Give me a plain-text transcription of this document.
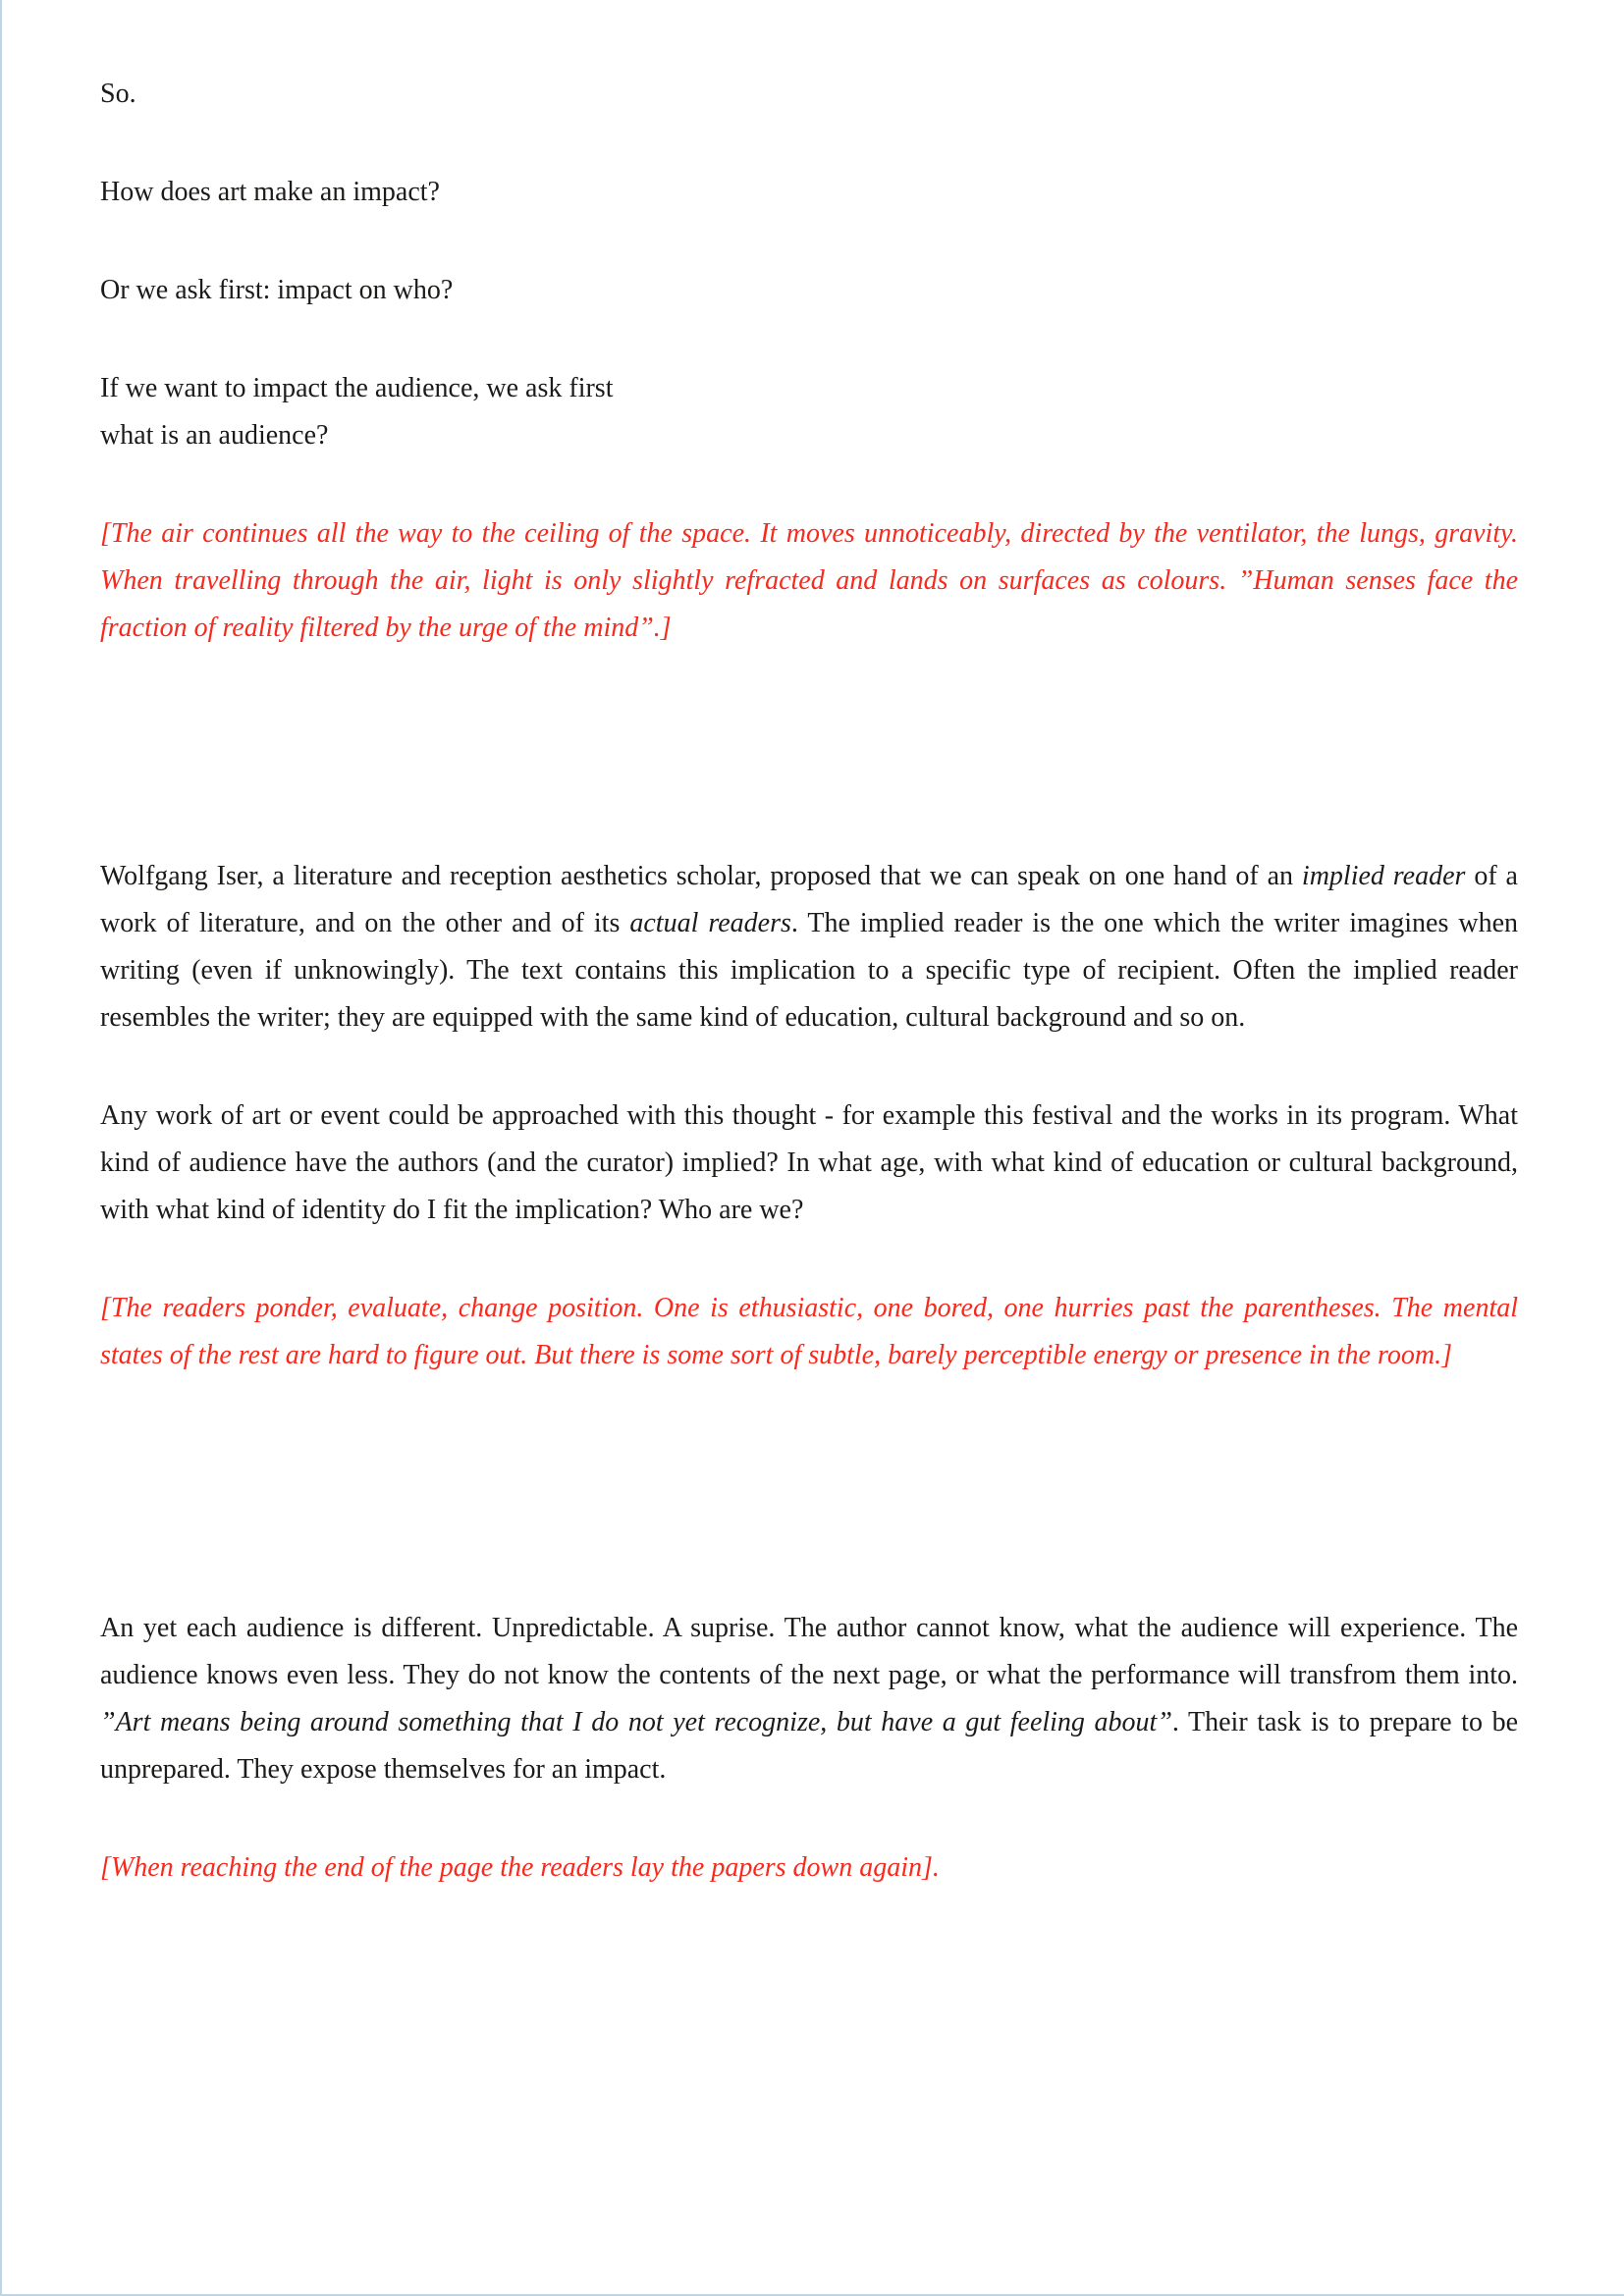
So.

How does art make an impact?

Or we ask first: impact on who?

If we want to impact the audience, we ask first
what is an audience?

[The air continues all the way to the ceiling of the space. It moves unnoticeably, directed by the ventilator, the lungs, gravity. When travelling through the air, light is only slightly refracted and lands on surfaces as colours. ”Human senses face the fraction of reality filtered by the urge of the mind”.]

Wolfgang Iser, a literature and reception aesthetics scholar, proposed that we can speak on one hand of an implied reader of a work of literature, and on the other and of its actual readers. The implied reader is the one which the writer imagines when writing (even if unknowingly). The text contains this implication to a specific type of recipient. Often the implied reader resembles the writer; they are equipped with the same kind of education, cultural background and so on.

Any work of art or event could be approached with this thought - for example this festival and the works in its program. What kind of audience have the authors (and the curator) implied? In what age, with what kind of education or cultural background, with what kind of identity do I fit the implication? Who are we?

[The readers ponder, evaluate, change position. One is ethusiastic, one bored, one hurries past the parentheses. The mental states of the rest are hard to figure out. But there is some sort of subtle, barely perceptible energy or presence in the room.]

An yet each audience is different. Unpredictable. A suprise. The author cannot know, what the audience will experience. The audience knows even less. They do not know the contents of the next page, or what the performance will transfrom them into. ”Art means being around something that I do not yet recognize, but have a gut feeling about”. Their task is to prepare to be unprepared. They expose themselves for an impact.

[When reaching the end of the page the readers lay the papers down again].
